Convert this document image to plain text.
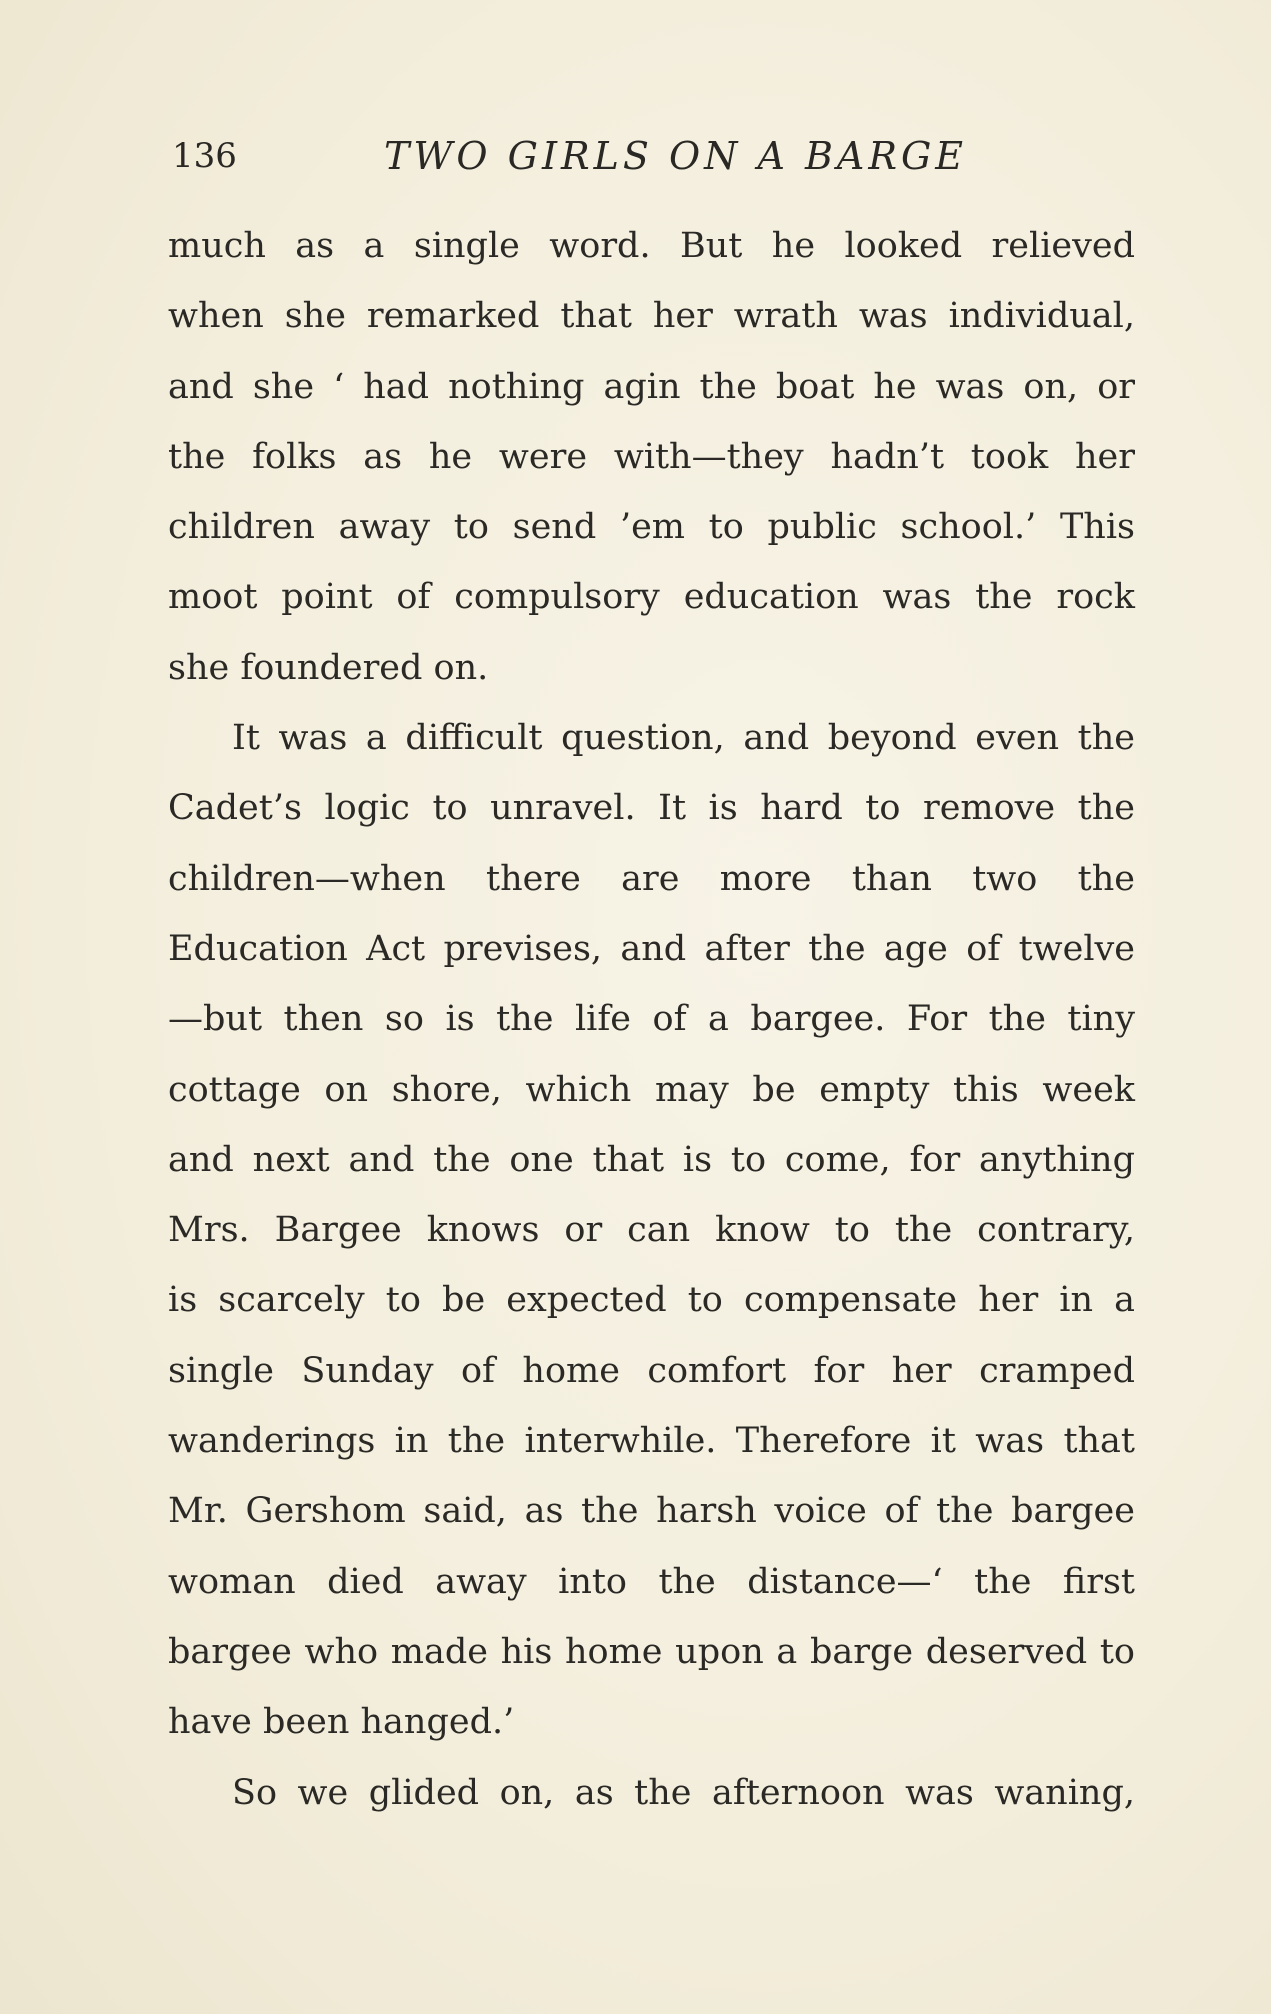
136	TWO GIRLS ON A BARGE
much as a single word. But he looked relieved
when she remarked that her wrath was individual,
and she ‘ had nothing agin the boat he was on, or
the folks as he were with—they hadn’t took her
children away to send ’em to public school.’ This
moot point of compulsory education was the rock
she foundered on.
It was a difficult question, and beyond even the
Cadet’s logic to unravel. It is hard to remove the
children—when there are more than two the
Education Act previses, and after the age of twelve
—but then so is the life of a bargee. For the tiny
cottage on shore, which may be empty this week
and next and the one that is to come, for anything
Mrs. Bargee knows or can know to the contrary,
is scarcely to be expected to compensate her in a
single Sunday of home comfort for her cramped
wanderings in the interwhile. Therefore it was that
Mr. Gershom said, as the harsh voice of the bargee
woman died away into the distance—‘ the first
bargee who made his home upon a barge deserved to
have been hanged.’
So we glided on, as the afternoon was waning,
